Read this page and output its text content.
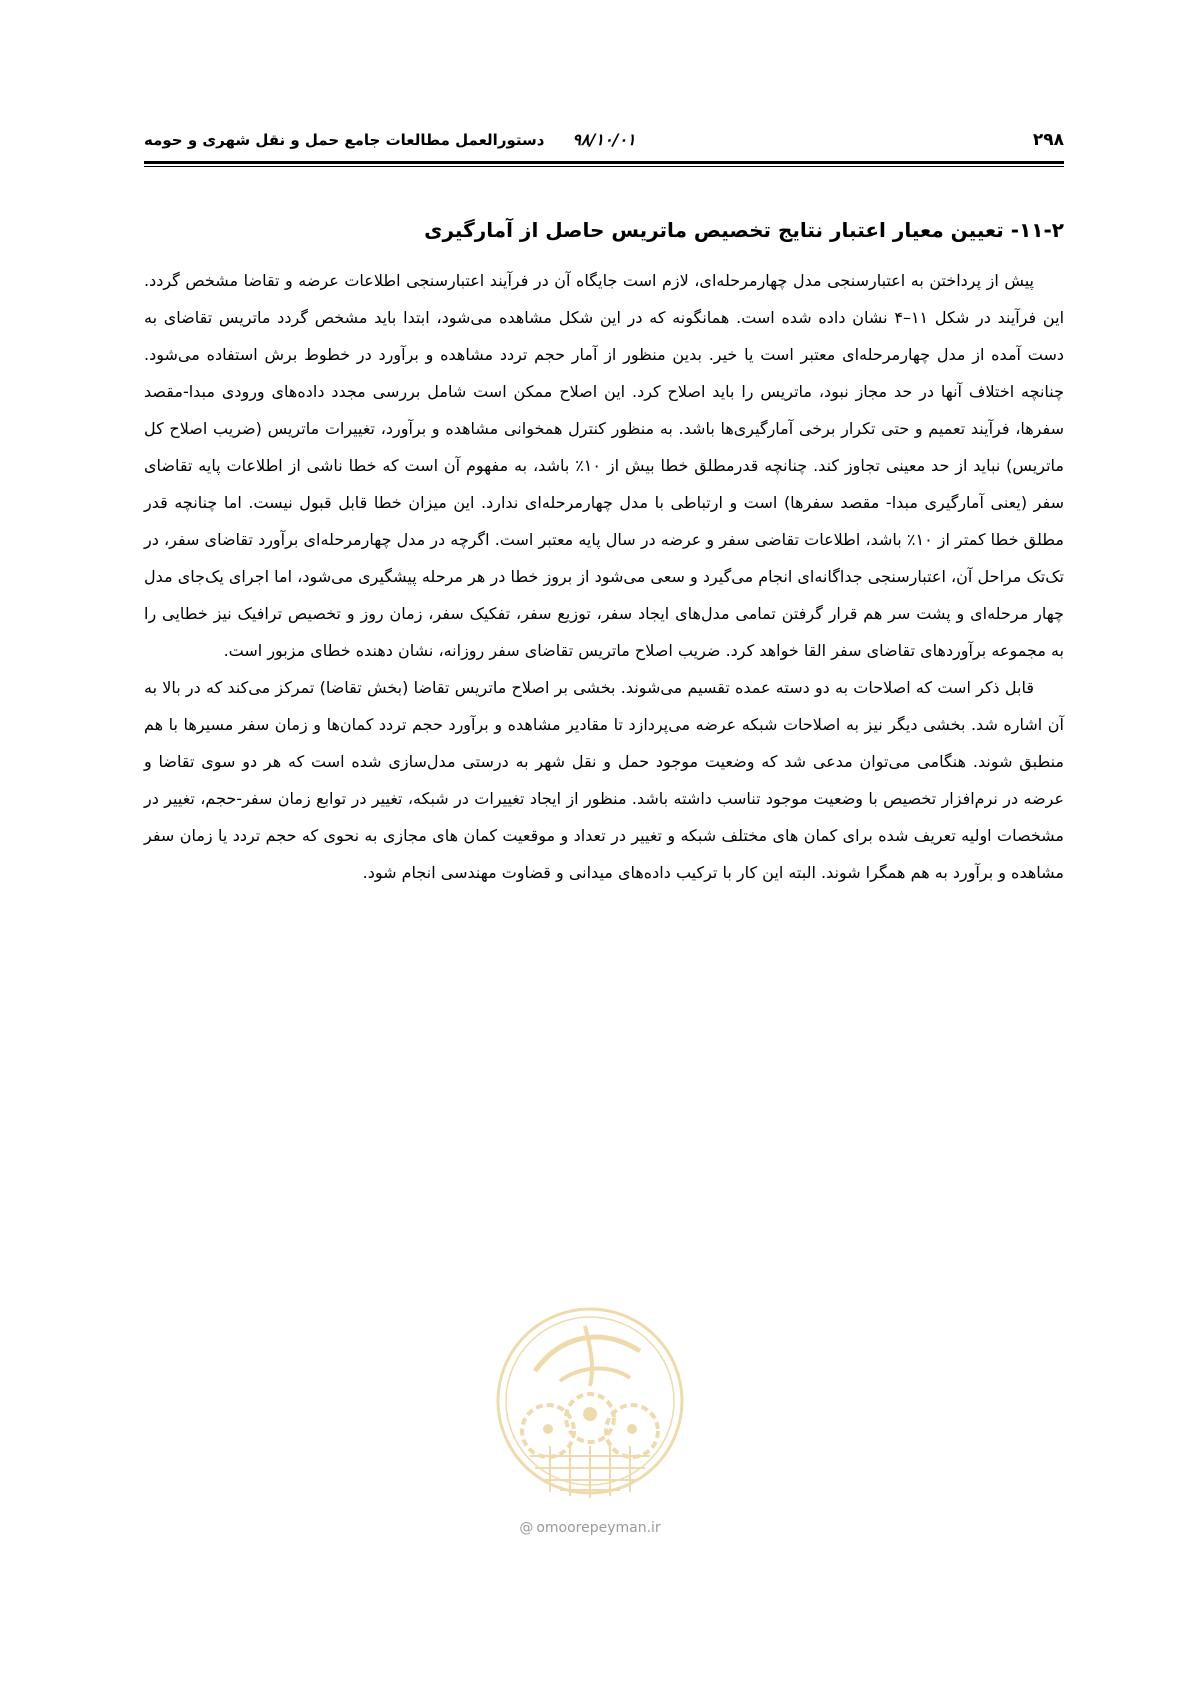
۲۹۸
۹۸/۱۰/۰۱
دستورالعمل مطالعات جامع حمل و نقل شهری و حومه
۱۱-۲- تعیین معیار اعتبار نتایج تخصیص ماتریس حاصل از آمارگیری

پیش از پرداختن به اعتبارسنجی مدل چهارمرحله‌ای، لازم است جایگاه آن در فرآیند اعتبارسنجی اطلاعات عرضه و تقاضا مشخص گردد. این فرآیند در شکل ۱۱–۴ نشان داده شده است. همانگونه که در این شکل مشاهده می‌شود، ابتدا باید مشخص گردد ماتریس تقاضای به دست آمده از مدل چهارمرحله‌ای معتبر است یا خیر. بدین منظور از آمار حجم تردد مشاهده و برآورد در خطوط برش استفاده می‌شود. چنانچه اختلاف آنها در حد مجاز نبود، ماتریس را باید اصلاح کرد. این اصلاح ممکن است شامل بررسی مجدد داده‌های ورودی مبدا-مقصد سفرها، فرآیند تعمیم و حتی تکرار برخی آمارگیری‌ها باشد. به منظور کنترل همخوانی مشاهده و برآورد، تغییرات ماتریس (ضریب اصلاح کل ماتریس) نباید از حد معینی تجاوز کند. چنانچه قدرمطلق خطا بیش از ۱۰٪ باشد، به مفهوم آن است که خطا ناشی از اطلاعات پایه تقاضای سفر (یعنی آمارگیری مبدا- مقصد سفرها) است و ارتباطی با مدل چهارمرحله‌ای ندارد. این میزان خطا قابل قبول نیست. اما چنانچه قدر مطلق خطا کمتر از ۱۰٪ باشد، اطلاعات تقاضی سفر و عرضه در سال پایه معتبر است. اگرچه در مدل چهارمرحله‌ای برآورد تقاضای سفر، در تک‌تک مراحل آن، اعتبارسنجی جداگانه‌ای انجام می‌گیرد و سعی می‌شود از بروز خطا در هر مرحله پیشگیری می‌شود، اما اجرای یک‌جای مدل چهار مرحله‌ای و پشت سر هم قرار گرفتن تمامی مدل‌های ایجاد سفر، توزیع سفر، تفکیک سفر، زمان روز و تخصیص ترافیک نیز خطایی را به مجموعه برآوردهای تقاضای سفر القا خواهد کرد. ضریب اصلاح ماتریس تقاضای سفر روزانه، نشان دهنده خطای مزبور است.

قابل ذکر است که اصلاحات به دو دسته عمده تقسیم می‌شوند. بخشی بر اصلاح ماتریس تقاضا (بخش تقاضا) تمرکز می‌کند که در بالا به آن اشاره شد. بخشی دیگر نیز به اصلاحات شبکه عرضه می‌پردازد تا مقادیر مشاهده و برآورد حجم تردد کمان‌ها و زمان سفر مسیرها با هم منطبق شوند. هنگامی می‌توان مدعی شد که وضعیت موجود حمل و نقل شهر به درستی مدل‌سازی شده است که هر دو سوی تقاضا و عرضه در نرم‌افزار تخصیص با وضعیت موجود تناسب داشته باشد. منظور از ایجاد تغییرات در شبکه، تغییر در توابع زمان سفر-حجم، تغییر در مشخصات اولیه تعریف شده برای کمان های مختلف شبکه و تغییر در تعداد و موقعیت کمان های مجازی به نحوی که حجم تردد یا زمان سفر مشاهده و برآورد به هم همگرا شوند. البته این کار با ترکیب داده‌های میدانی و قضاوت مهندسی انجام شود.

@ omoorepeyman.ir
